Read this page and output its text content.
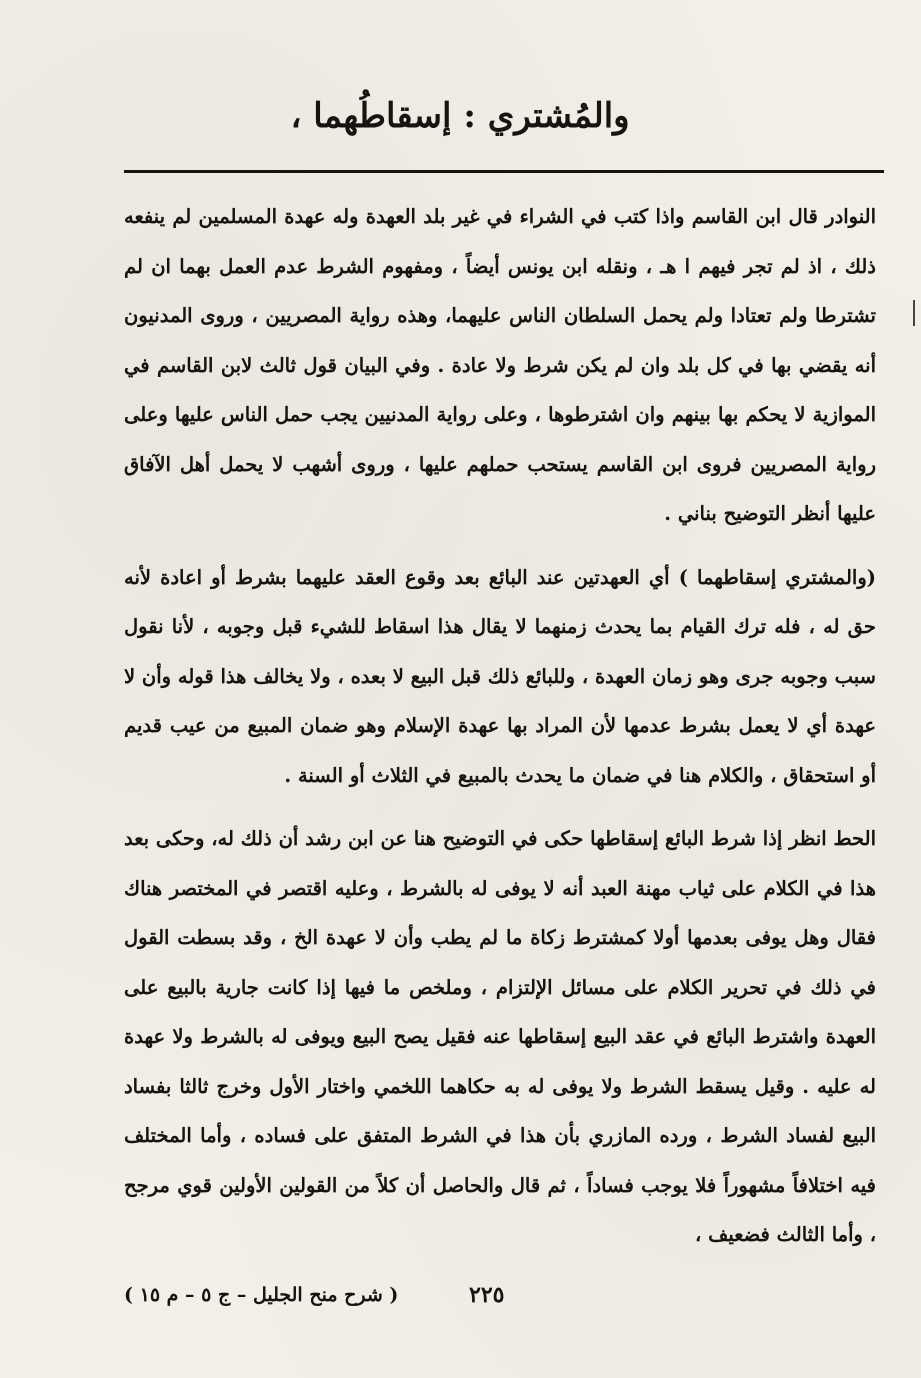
والمُشتري : إسقاطُهما ،

النوادر قال ابن القاسم واذا كتب في الشراء في غير بلد العهدة وله عهدة المسلمين لم ينفعه ذلك ، اذ لم تجر فيهم ا هـ ، ونقله ابن يونس أيضاً ، ومفهوم الشرط عدم العمل بهما ان لم تشترطا ولم تعتادا ولم يحمل السلطان الناس عليهما، وهذه رواية المصريين ، وروى المدنيون أنه يقضي بها في كل بلد وان لم يكن شرط ولا عادة . وفي البيان قول ثالث لابن القاسم في الموازية لا يحكم بها بينهم وان اشترطوها ، وعلى رواية المدنيين يجب حمل الناس عليها وعلى رواية المصريين فروى ابن القاسم يستحب حملهم عليها ، وروى أشهب لا يحمل أهل الآفاق عليها أنظر التوضيح بناني .

(والمشتري إسقاطهما ) أي العهدتين عند البائع بعد وقوع العقد عليهما بشرط أو اعادة لأنه حق له ، فله ترك القيام بما يحدث زمنهما لا يقال هذا اسقاط للشيء قبل وجوبه ، لأنا نقول سبب وجوبه جرى وهو زمان العهدة ، وللبائع ذلك قبل البيع لا بعده ، ولا يخالف هذا قوله وأن لا عهدة أي لا يعمل بشرط عدمها لأن المراد بها عهدة الإسلام وهو ضمان المبيع من عيب قديم أو استحقاق ، والكلام هنا في ضمان ما يحدث بالمبيع في الثلاث أو السنة .

الحط انظر إذا شرط البائع إسقاطها حكى في التوضيح هنا عن ابن رشد أن ذلك له، وحكى بعد هذا في الكلام على ثياب مهنة العبد أنه لا يوفى له بالشرط ، وعليه اقتصر في المختصر هناك فقال وهل يوفى بعدمها أولا كمشترط زكاة ما لم يطب وأن لا عهدة الخ ، وقد بسطت القول في ذلك في تحرير الكلام على مسائل الإلتزام ، وملخص ما فيها إذا كانت جارية بالبيع على العهدة واشترط البائع في عقد البيع إسقاطها عنه فقيل يصح البيع ويوفى له بالشرط ولا عهدة له عليه . وقيل يسقط الشرط ولا يوفى له به حكاهما اللخمي واختار الأول وخرج ثالثا بفساد البيع لفساد الشرط ، ورده المازري بأن هذا في الشرط المتفق على فساده ، وأما المختلف فيه اختلافاً مشهوراً فلا يوجب فساداً ، ثم قال والحاصل أن كلاً من القولين الأولين قوي مرجح ، وأما الثالث فضعيف ،

٢٢٥
( شرح منح الجليل – ج ٥ – م ١٥ )
